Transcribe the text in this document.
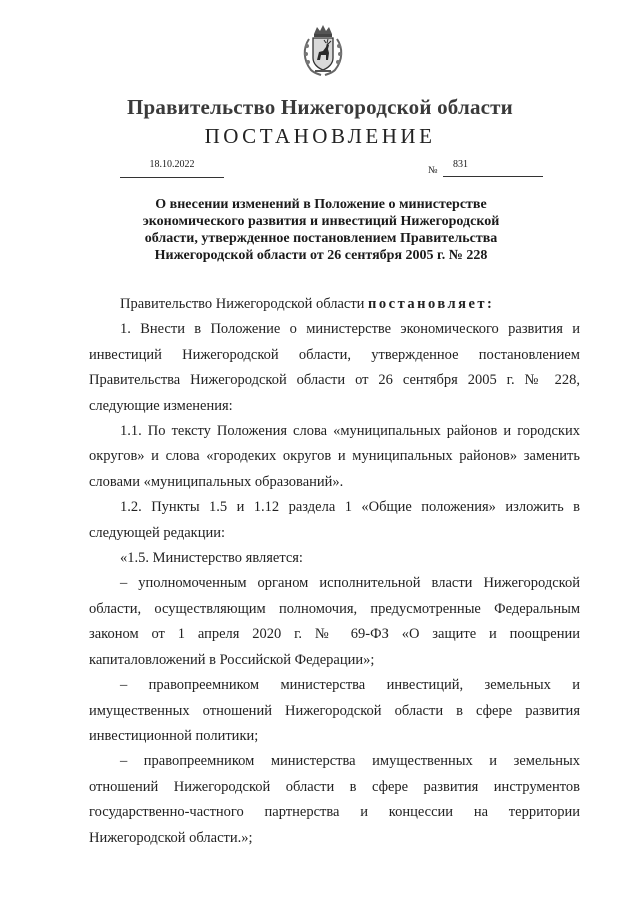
Правительство Нижегородской области
ПОСТАНОВЛЕНИЕ
18.10.2022
№
831
О внесении изменений в Положение о министерстве экономического развития и инвестиций Нижегородской области, утвержденное постановлением Правительства Нижегородской области от 26 сентября 2005 г. № 228

Правительство Нижегородской области постановляет:

1. Внести в Положение о министерстве экономического развития и инвестиций Нижегородской области, утвержденное постановлением Правительства Нижегородской области от 26 сентября 2005 г. № 228, следующие изменения:

1.1. По тексту Положения слова «муниципальных районов и городских округов» и слова «городеких округов и муниципальных районов» заменить словами «муниципальных образований».

1.2. Пункты 1.5 и 1.12 раздела 1 «Общие положения» изложить в следующей редакции:

«1.5. Министерство является:

– уполномоченным органом исполнительной власти Нижегородской области, осуществляющим полномочия, предусмотренные Федеральным законом от 1 апреля 2020 г. № 69-ФЗ «О защите и поощрении капиталовложений в Российской Федерации»;

– правопреемником министерства инвестиций, земельных и имущественных отношений Нижегородской области в сфере развития инвестиционной политики;

– правопреемником министерства имущественных и земельных отношений Нижегородской области в сфере развития инструментов государственно-частного партнерства и концессии на территории Нижегородской области.»;
